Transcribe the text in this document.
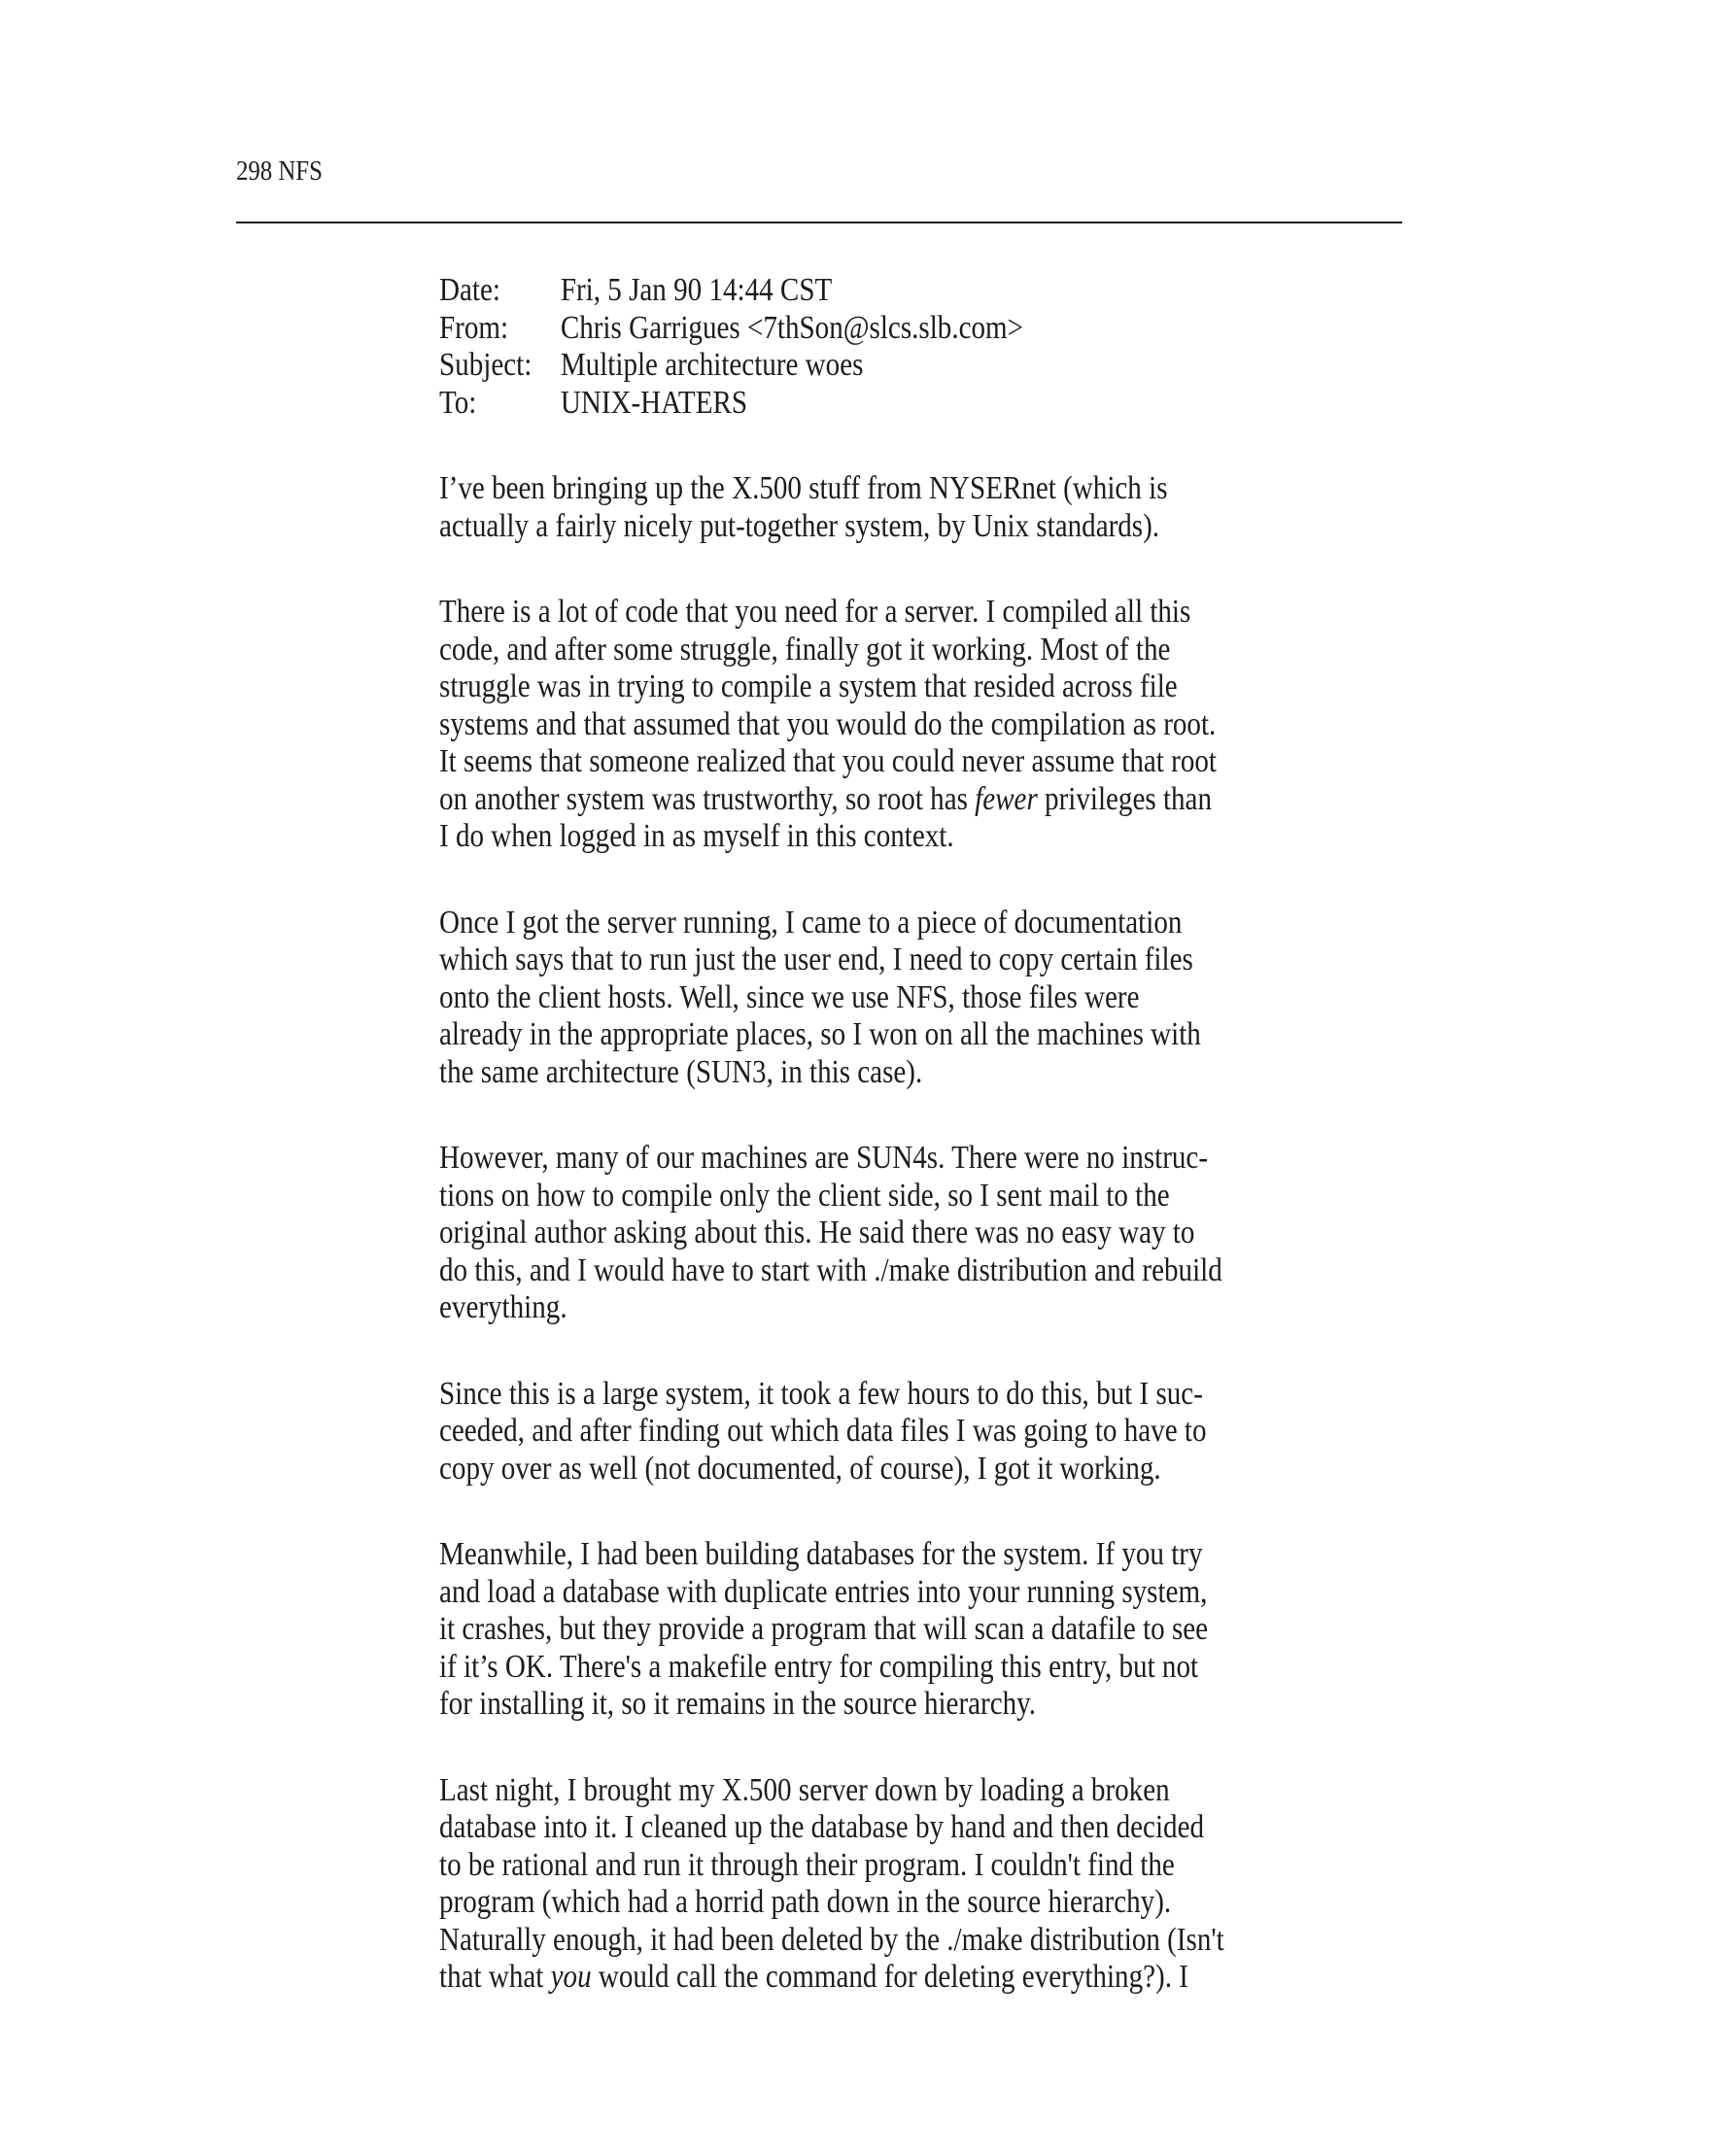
298 NFS
Date:	Fri, 5 Jan 90 14:44 CST
From:	Chris Garrigues <7thSon@slcs.slb.com>
Subject: Multiple architecture woes
To:	UNIX-HATERS

I’ve been bringing up the X.500 stuff from NYSERnet (which is
actually a fairly nicely put-together system, by Unix standards).

There is a lot of code that you need for a server. I compiled all this
code, and after some struggle, finally got it working. Most of the
struggle was in trying to compile a system that resided across file
systems and that assumed that you would do the compilation as root.
It seems that someone realized that you could never assume that root
on another system was trustworthy, so root has fewer privileges than
I do when logged in as myself in this context.

Once I got the server running, I came to a piece of documentation
which says that to run just the user end, I need to copy certain files
onto the client hosts. Well, since we use NFS, those files were
already in the appropriate places, so I won on all the machines with
the same architecture (SUN3, in this case).

However, many of our machines are SUN4s. There were no instruc-
tions on how to compile only the client side, so I sent mail to the
original author asking about this. He said there was no easy way to
do this, and I would have to start with ./make distribution and rebuild
everything.

Since this is a large system, it took a few hours to do this, but I suc-
ceeded, and after finding out which data files I was going to have to
copy over as well (not documented, of course), I got it working.

Meanwhile, I had been building databases for the system. If you try
and load a database with duplicate entries into your running system,
it crashes, but they provide a program that will scan a datafile to see
if it’s OK. There's a makefile entry for compiling this entry, but not
for installing it, so it remains in the source hierarchy.

Last night, I brought my X.500 server down by loading a broken
database into it. I cleaned up the database by hand and then decided
to be rational and run it through their program. I couldn't find the
program (which had a horrid path down in the source hierarchy).
Naturally enough, it had been deleted by the ./make distribution (Isn't
that what you would call the command for deleting everything?). I
